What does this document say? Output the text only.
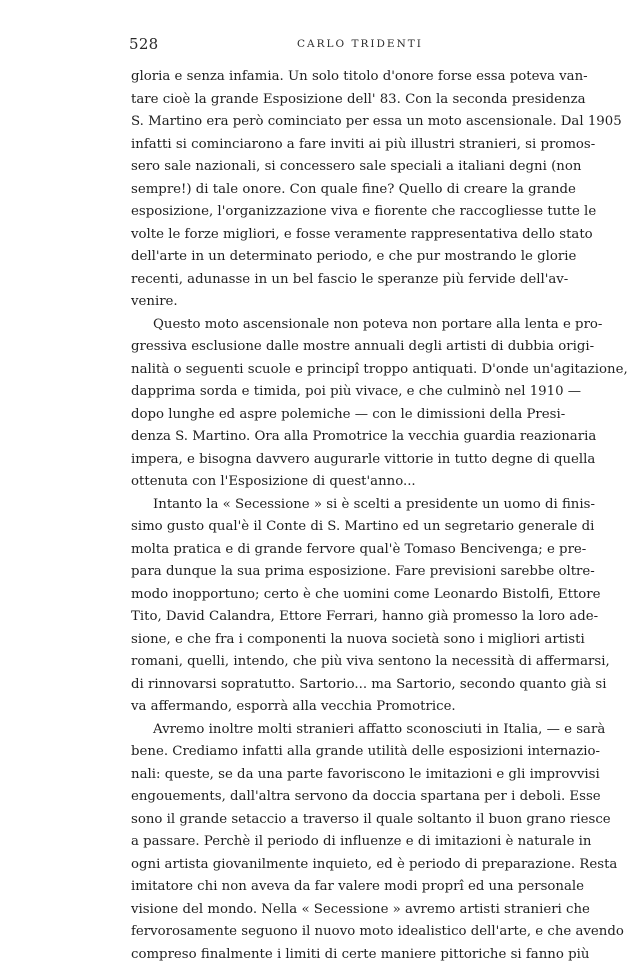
528	CARLO TRIDENTI
gloria e senza infamia. Un solo titolo d'onore forse essa poteva van-
tare cioè la grande Esposizione dell' 83. Con la seconda presidenza
S. Martino era però cominciato per essa un moto ascensionale. Dal 1905
infatti si cominciarono a fare inviti ai più illustri stranieri, si promos-
sero sale nazionali, si concessero sale speciali a italiani degni (non
sempre!) di tale onore. Con quale fine? Quello di creare la grande
esposizione, l'organizzazione viva e fiorente che raccogliesse tutte le
volte le forze migliori, e fosse veramente rappresentativa dello stato
dell'arte in un determinato periodo, e che pur mostrando le glorie
recenti, adunasse in un bel fascio le speranze più fervide dell'av-
venire.
Questo moto ascensionale non poteva non portare alla lenta e pro-
gressiva esclusione dalle mostre annuali degli artisti di dubbia origi-
nalità o seguenti scuole e principî troppo antiquati. D'onde un'agitazione,
dapprima sorda e timida, poi più vivace, e che culminò nel 1910 —
dopo lunghe ed aspre polemiche — con le dimissioni della Presi-
denza S. Martino. Ora alla Promotrice la vecchia guardia reazionaria
impera, e bisogna davvero augurarle vittorie in tutto degne di quella
ottenuta con l'Esposizione di quest'anno...
Intanto la « Secessione » si è scelti a presidente un uomo di finis-
simo gusto qual'è il Conte di S. Martino ed un segretario generale di
molta pratica e di grande fervore qual'è Tomaso Bencivenga; e pre-
para dunque la sua prima esposizione. Fare previsioni sarebbe oltre-
modo inopportuno; certo è che uomini come Leonardo Bistolfi, Ettore
Tito, David Calandra, Ettore Ferrari, hanno già promesso la loro ade-
sione, e che fra i componenti la nuova società sono i migliori artisti
romani, quelli, intendo, che più viva sentono la necessità di affermarsi,
di rinnovarsi sopratutto. Sartorio... ma Sartorio, secondo quanto già si
va affermando, esporrà alla vecchia Promotrice.
Avremo inoltre molti stranieri affatto sconosciuti in Italia, — e sarà
bene. Crediamo infatti alla grande utilità delle esposizioni internazio-
nali: queste, se da una parte favoriscono le imitazioni e gli improvvisi
engouements, dall'altra servono da doccia spartana per i deboli. Esse
sono il grande setaccio a traverso il quale soltanto il buon grano riesce
a passare. Perchè il periodo di influenze e di imitazioni è naturale in
ogni artista giovanilmente inquieto, ed è periodo di preparazione. Resta
imitatore chi non aveva da far valere modi proprî ed una personale
visione del mondo. Nella « Secessione » avremo artisti stranieri che
fervorosamente seguono il nuovo moto idealistico dell'arte, e che avendo
compreso finalmente i limiti di certe maniere pittoriche si fanno più
